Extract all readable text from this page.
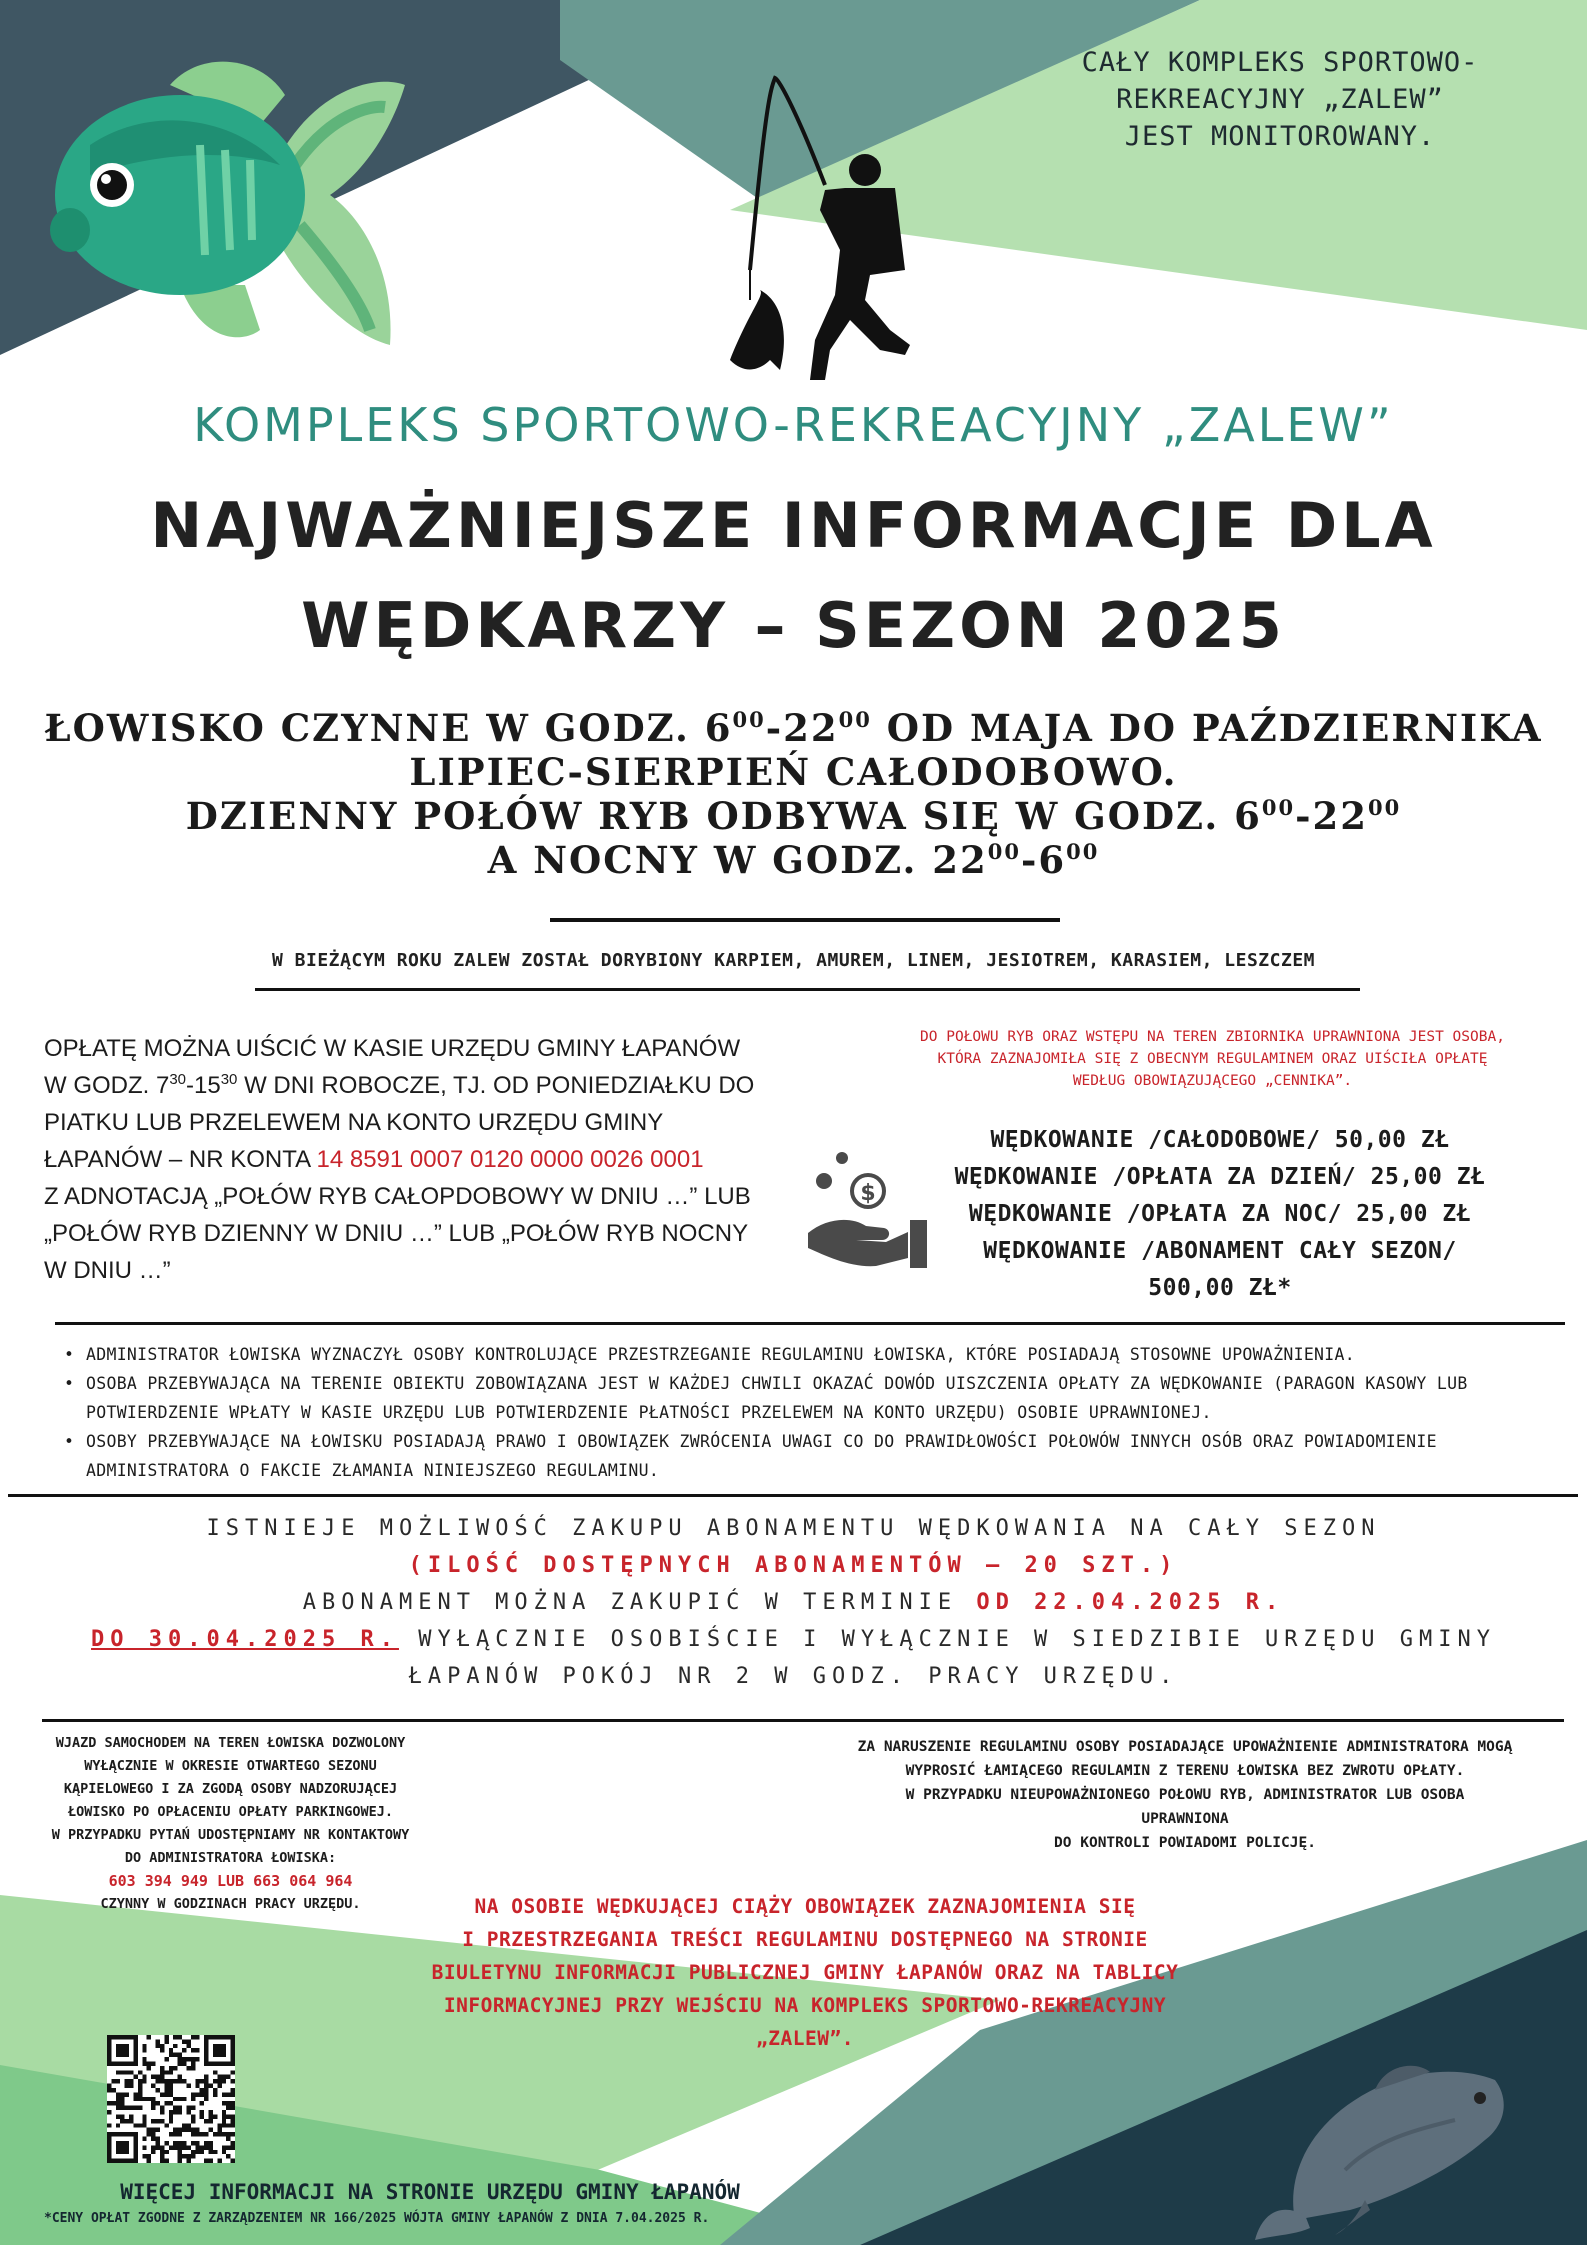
CAŁY KOMPLEKS SPORTOWO-
REKREACYJNY „ZALEW”
JEST MONITOROWANY.
KOMPLEKS SPORTOWO-REKREACYJNY „ZALEW”
NAJWAŻNIEJSZE INFORMACJE DLA
WĘDKARZY – SEZON 2025
ŁOWISKO CZYNNE W GODZ. $6^{00}-22^{00}$ OD MAJA DO PAŹDZIERNIKA
LIPIEC-SIERPIEŃ CAŁODOBOWO.
DZIENNY POŁÓW RYB ODBYWA SIĘ W GODZ. $6^{00}-22^{00}$
A NOCNY W GODZ. $22^{00}-6^{00}$
W BIEŻĄCYM ROKU ZALEW ZOSTAŁ DORYBIONY KARPIEM, AMUREM, LINEM, JESIOTREM, KARASIEM, LESZCZEM
OPŁATĘ MOŻNA UIŚCIĆ W KASIE URZĘDU GMINY ŁAPANÓW
W GODZ. $7^{30}-15^{30}$ W DNI ROBOCZE, TJ. OD PONIEDZIAŁKU DO
PIATKU LUB PRZELEWEM NA KONTO URZĘDU GMINY
ŁAPANÓW – NR KONTA 14 8591 0007 0120 0000 0026 0001
Z ADNOTACJĄ „POŁÓW RYB CAŁOPDOBOWY W DNIU …” LUB
„POŁÓW RYB DZIENNY W DNIU …” LUB „POŁÓW RYB NOCNY
W DNIU …”
$
DO POŁOWU RYB ORAZ WSTĘPU NA TEREN ZBIORNIKA UPRAWNIONA JEST OSOBA,
KTÓRA ZAZNAJOMIŁA SIĘ Z OBECNYM REGULAMINEM ORAZ UIŚCIŁA OPŁATĘ
WEDŁUG OBOWIĄZUJĄCEGO „CENNIKA”.
WĘDKOWANIE /CAŁODOBOWE/ 50,00 ZŁ
WĘDKOWANIE /OPŁATA ZA DZIEŃ/ 25,00 ZŁ
WĘDKOWANIE /OPŁATA ZA NOC/ 25,00 ZŁ
WĘDKOWANIE /ABONAMENT CAŁY SEZON/
500,00 ZŁ*
• ADMINISTRATOR ŁOWISKA WYZNACZYŁ OSOBY KONTROLUJĄCE PRZESTRZEGANIE REGULAMINU ŁOWISKA, KTÓRE POSIADAJĄ STOSOWNE UPOWAŻNIENIA.
• OSOBA PRZEBYWAJĄCA NA TERENIE OBIEKTU ZOBOWIĄZANA JEST W KAŻDEJ CHWILI OKAZAĆ DOWÓD UISZCZENIA OPŁATY ZA WĘDKOWANIE (PARAGON KASOWY LUB POTWIERDZENIE WPŁATY W KASIE URZĘDU LUB POTWIERDZENIE PŁATNOŚCI PRZELEWEM NA KONTO URZĘDU) OSOBIE UPRAWNIONEJ.
• OSOBY PRZEBYWAJĄCE NA ŁOWISKU POSIADAJĄ PRAWO I OBOWIĄZEK ZWRÓCENIA UWAGI CO DO PRAWIDŁOWOŚCI POŁOWÓW INNYCH OSÓB ORAZ POWIADOMIENIE ADMINISTRATORA O FAKCIE ZŁAMANIA NINIEJSZEGO REGULAMINU.
ISTNIEJE MOŻLIWOŚĆ ZAKUPU ABONAMENTU WĘDKOWANIA NA CAŁY SEZON
(ILOŚĆ DOSTĘPNYCH ABONAMENTÓW – 20 SZT.)
ABONAMENT MOŻNA ZAKUPIĆ W TERMINIE OD 22.04.2025 R.
DO 30.04.2025 R. WYŁĄCZNIE OSOBIŚCIE I WYŁĄCZNIE W SIEDZIBIE URZĘDU GMINY
ŁAPANÓW POKÓJ NR 2 W GODZ. PRACY URZĘDU.
WJAZD SAMOCHODEM NA TEREN ŁOWISKA DOZWOLONY
WYŁĄCZNIE W OKRESIE OTWARTEGO SEZONU
KĄPIELOWEGO I ZA ZGODĄ OSOBY NADZORUJĄCEJ
ŁOWISKO PO OPŁACENIU OPŁATY PARKINGOWEJ.
W PRZYPADKU PYTAŃ UDOSTĘPNIAMY NR KONTAKTOWY
DO ADMINISTRATORA ŁOWISKA:
603 394 949 LUB 663 064 964
CZYNNY W GODZINACH PRACY URZĘDU.
ZA NARUSZENIE REGULAMINU OSOBY POSIADAJĄCE UPOWAŻNIENIE ADMINISTRATORA MOGĄ
WYPROSIĆ ŁAMIĄCEGO REGULAMIN Z TERENU ŁOWISKA BEZ ZWROTU OPŁATY.
W PRZYPADKU NIEUPOWAŻNIONEGO POŁOWU RYB, ADMINISTRATOR LUB OSOBA
UPRAWNIONA
DO KONTROLI POWIADOMI POLICJĘ.
NA OSOBIE WĘDKUJĄCEJ CIĄŻY OBOWIĄZEK ZAZNAJOMIENIA SIĘ
I PRZESTRZEGANIA TREŚCI REGULAMINU DOSTĘPNEGO NA STRONIE
BIULETYNU INFORMACJI PUBLICZNEJ GMINY ŁAPANÓW ORAZ NA TABLICY
INFORMACYJNEJ PRZY WEJŚCIU NA KOMPLEKS SPORTOWO-REKREACYJNY
„ZALEW”.
WIĘCEJ INFORMACJI NA STRONIE URZĘDU GMINY ŁAPANÓW
*CENY OPŁAT ZGODNE Z ZARZĄDZENIEM NR 166/2025 WÓJTA GMINY ŁAPANÓW Z DNIA 7.04.2025 R.
